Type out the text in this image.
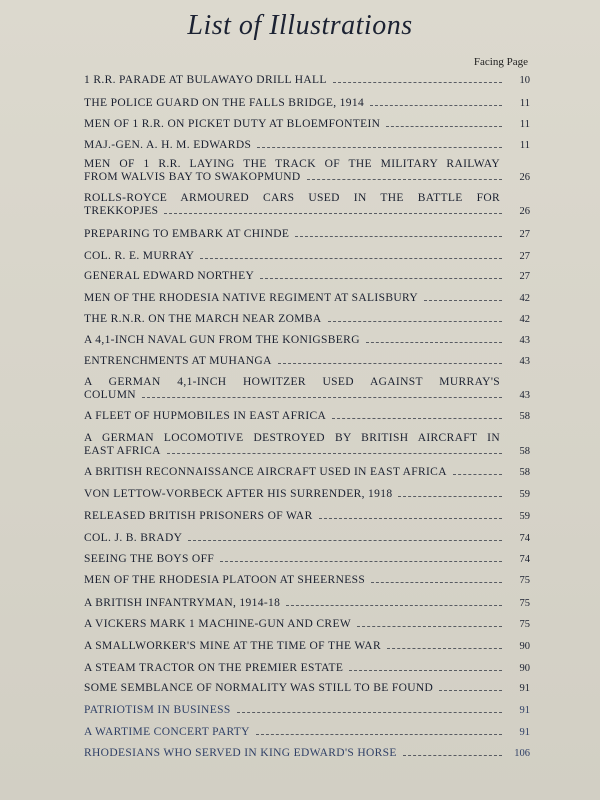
List of Illustrations
Facing Page
1 R.R. PARADE AT BULAWAYO DRILL HALL	10
THE POLICE GUARD ON THE FALLS BRIDGE, 1914	11
MEN OF 1 R.R. ON PICKET DUTY AT BLOEMFONTEIN	11
MAJ.-GEN. A. H. M. EDWARDS	11
MEN OF 1 R.R. LAYING THE TRACK OF THE MILITARY RAILWAY
FROM WALVIS BAY TO SWAKOPMUND	26
ROLLS-ROYCE ARMOURED CARS USED IN THE BATTLE FOR
TREKKOPJES	26
PREPARING TO EMBARK AT CHINDE	27
COL. R. E. MURRAY	27
GENERAL EDWARD NORTHEY	27
MEN OF THE RHODESIA NATIVE REGIMENT AT SALISBURY	42
THE R.N.R. ON THE MARCH NEAR ZOMBA	42
A 4,1-INCH NAVAL GUN FROM THE KONIGSBERG	43
ENTRENCHMENTS AT MUHANGA	43
A GERMAN 4,1-INCH HOWITZER USED AGAINST MURRAY'S
COLUMN	43
A FLEET OF HUPMOBILES IN EAST AFRICA	58
A GERMAN LOCOMOTIVE DESTROYED BY BRITISH AIRCRAFT IN
EAST AFRICA	58
A BRITISH RECONNAISSANCE AIRCRAFT USED IN EAST AFRICA	58
VON LETTOW-VORBECK AFTER HIS SURRENDER, 1918	59
RELEASED BRITISH PRISONERS OF WAR	59
COL. J. B. BRADY	74
SEEING THE BOYS OFF	74
MEN OF THE RHODESIA PLATOON AT SHEERNESS	75
A BRITISH INFANTRYMAN, 1914-18	75
A VICKERS MARK 1 MACHINE-GUN AND CREW	75
A SMALLWORKER'S MINE AT THE TIME OF THE WAR	90
A STEAM TRACTOR ON THE PREMIER ESTATE	90
SOME SEMBLANCE OF NORMALITY WAS STILL TO BE FOUND	91
PATRIOTISM IN BUSINESS	91
A WARTIME CONCERT PARTY	91
RHODESIANS WHO SERVED IN KING EDWARD'S HORSE	106
